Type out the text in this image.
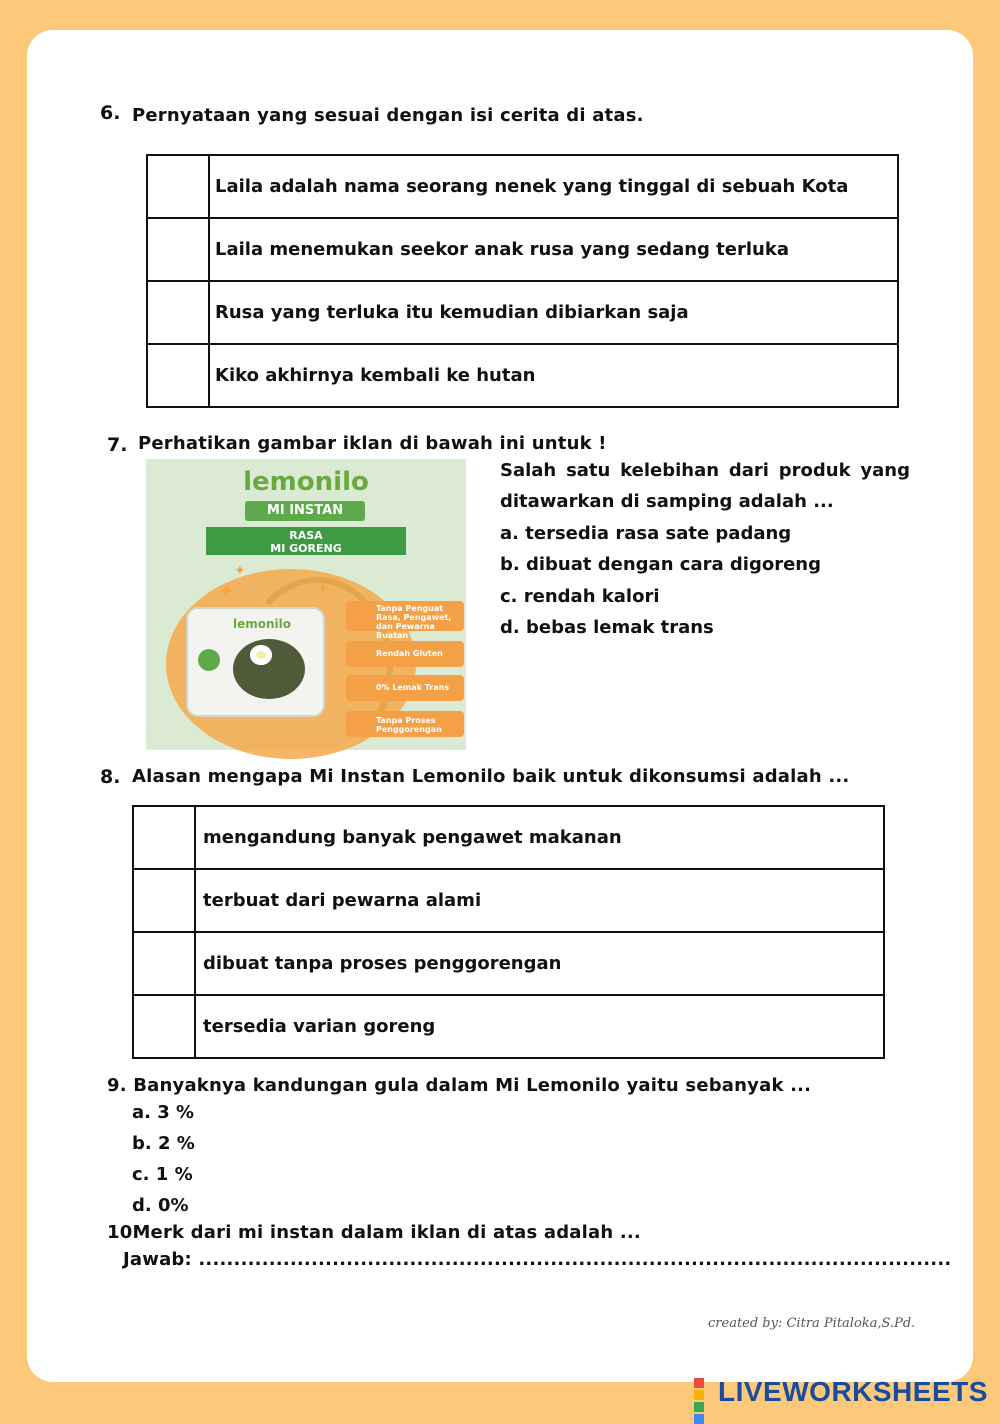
6. Pernyataan yang sesuai dengan isi cerita di atas.
	Laila adalah nama seorang nenek yang tinggal di sebuah Kota
	Laila menemukan seekor anak rusa yang sedang terluka
	Rusa yang terluka itu kemudian dibiarkan saja
	Kiko akhirnya kembali ke hutan
7. Perhatikan gambar iklan di bawah ini untuk !
lemonilo
MI INSTAN
RASA
MI GORENG
✦
✦
✦
lemonilo
Tanpa Penguat Rasa, Pengawet, dan Pewarna Buatan
Rendah Gluten
0% Lemak Trans
Tanpa Proses Penggorengan
Salah satu kelebihan dari produk yang
ditawarkan di samping adalah ...
a. tersedia rasa sate padang
b. dibuat dengan cara digoreng
c. rendah kalori
d. bebas lemak trans
8. Alasan mengapa Mi Instan Lemonilo baik untuk dikonsumsi adalah ...
	mengandung banyak pengawet makanan
	terbuat dari pewarna alami
	dibuat tanpa proses penggorengan
	tersedia varian goreng
9. Banyaknya kandungan gula dalam Mi Lemonilo yaitu sebanyak ...
a. 3 %
b. 2 %
c. 1 %
d. 0%
10Merk dari mi instan dalam iklan di atas adalah ...
Jawab: ...........................................................................................................
created by: Citra Pitaloka,S.Pd.
LIVEWORKSHEETS
